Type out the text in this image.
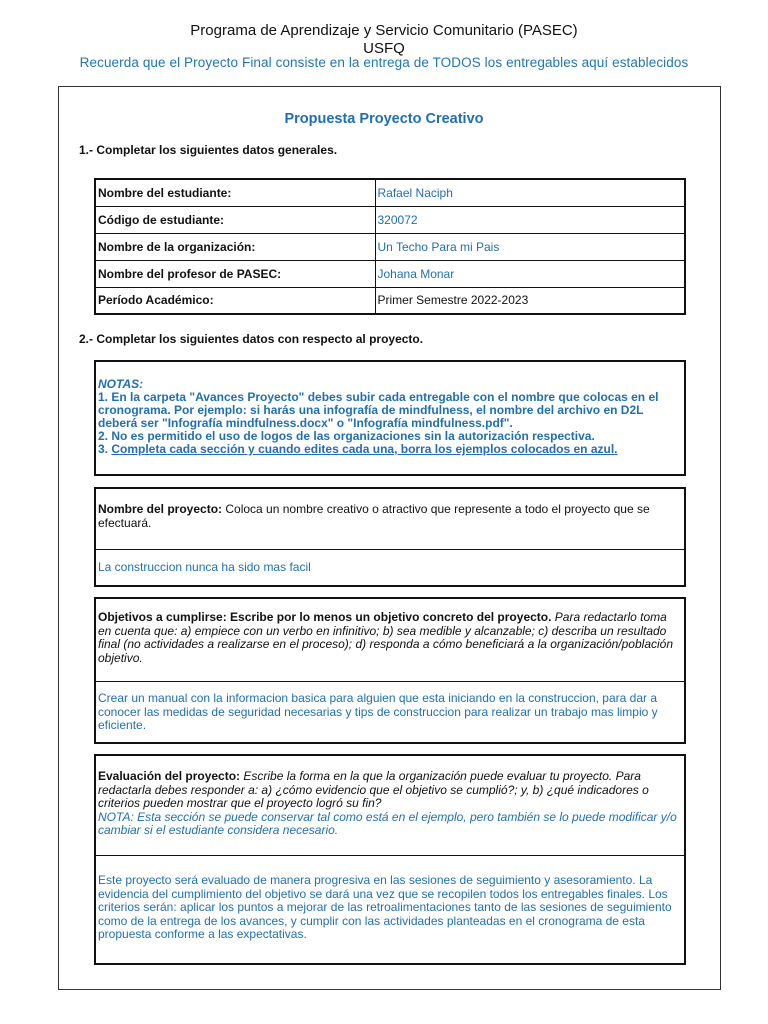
Programa de Aprendizaje y Servicio Comunitario (PASEC)
USFQ
Recuerda que el Proyecto Final consiste en la entrega de TODOS los entregables aquí establecidos
Propuesta Proyecto Creativo
1.- Completar los siguientes datos generales.
Nombre del estudiante:	Rafael Naciph
Código de estudiante:	320072
Nombre de la organización:	Un Techo Para mi Pais
Nombre del profesor de PASEC:	Johana Monar
Período Académico:	Primer Semestre 2022-2023
2.- Completar los siguientes datos con respecto al proyecto.
NOTAS:
1. En la carpeta "Avances Proyecto" debes subir cada entregable con el nombre que colocas en el cronograma. Por ejemplo: si harás una infografía de mindfulness, el nombre del archivo en D2L deberá ser "Infografía mindfulness.docx" o "Infografía mindfulness.pdf".
2. No es permitido el uso de logos de las organizaciones sin la autorización respectiva.
3. Completa cada sección y cuando edites cada una, borra los ejemplos colocados en azul.
Nombre del proyecto: Coloca un nombre creativo o atractivo que represente a todo el proyecto que se efectuará.
La construccion nunca ha sido mas facil
Objetivos a cumplirse: Escribe por lo menos un objetivo concreto del proyecto. Para redactarlo toma en cuenta que: a) empiece con un verbo en infinitivo; b) sea medible y alcanzable; c) describa un resultado final (no actividades a realizarse en el proceso); d) responda a cómo beneficiará a la organización/población objetivo.
Crear un manual con la informacion basica para alguien que esta iniciando en la construccion, para dar a conocer las medidas de seguridad necesarias y tips de construccion para realizar un trabajo mas limpio y eficiente.
Evaluación del proyecto: Escribe la forma en la que la organización puede evaluar tu proyecto. Para redactarla debes responder a: a) ¿cómo evidencio que el objetivo se cumplió?; y, b) ¿qué indicadores o criterios pueden mostrar que el proyecto logró su fin?
NOTA: Esta sección se puede conservar tal como está en el ejemplo, pero también se lo puede modificar y/o cambiar si el estudiante considera necesario.
Este proyecto será evaluado de manera progresiva en las sesiones de seguimiento y asesoramiento. La evidencia del cumplimiento del objetivo se dará una vez que se recopilen todos los entregables finales. Los criterios serán: aplicar los puntos a mejorar de las retroalimentaciones tanto de las sesiones de seguimiento como de la entrega de los avances, y cumplir con las actividades planteadas en el cronograma de esta propuesta conforme a las expectativas.
